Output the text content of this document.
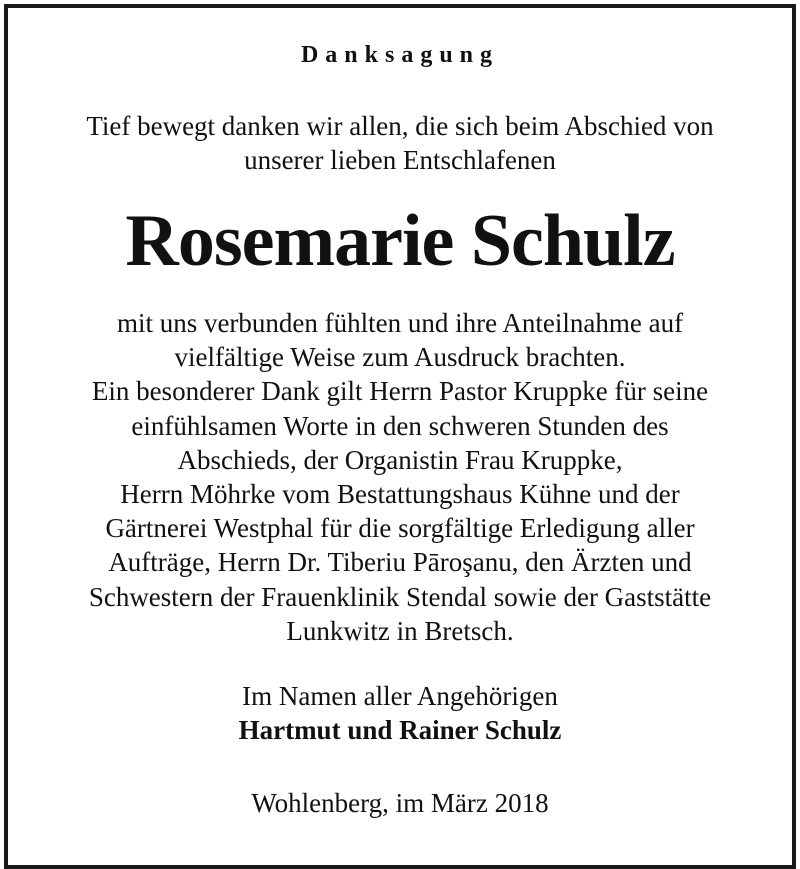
Danksagung
Tief bewegt danken wir allen, die sich beim Abschied von
unserer lieben Entschlafenen
Rosemarie Schulz
mit uns verbunden fühlten und ihre Anteilnahme auf
vielfältige Weise zum Ausdruck brachten.
Ein besonderer Dank gilt Herrn Pastor Kruppke für seine
einfühlsamen Worte in den schweren Stunden des
Abschieds, der Organistin Frau Kruppke,
Herrn Möhrke vom Bestattungshaus Kühne und der
Gärtnerei Westphal für die sorgfältige Erledigung aller
Aufträge, Herrn Dr. Tiberiu Pāroşanu, den Ärzten und
Schwestern der Frauenklinik Stendal sowie der Gaststätte
Lunkwitz in Bretsch.
Im Namen aller Angehörigen
Hartmut und Rainer Schulz
Wohlenberg, im März 2018
